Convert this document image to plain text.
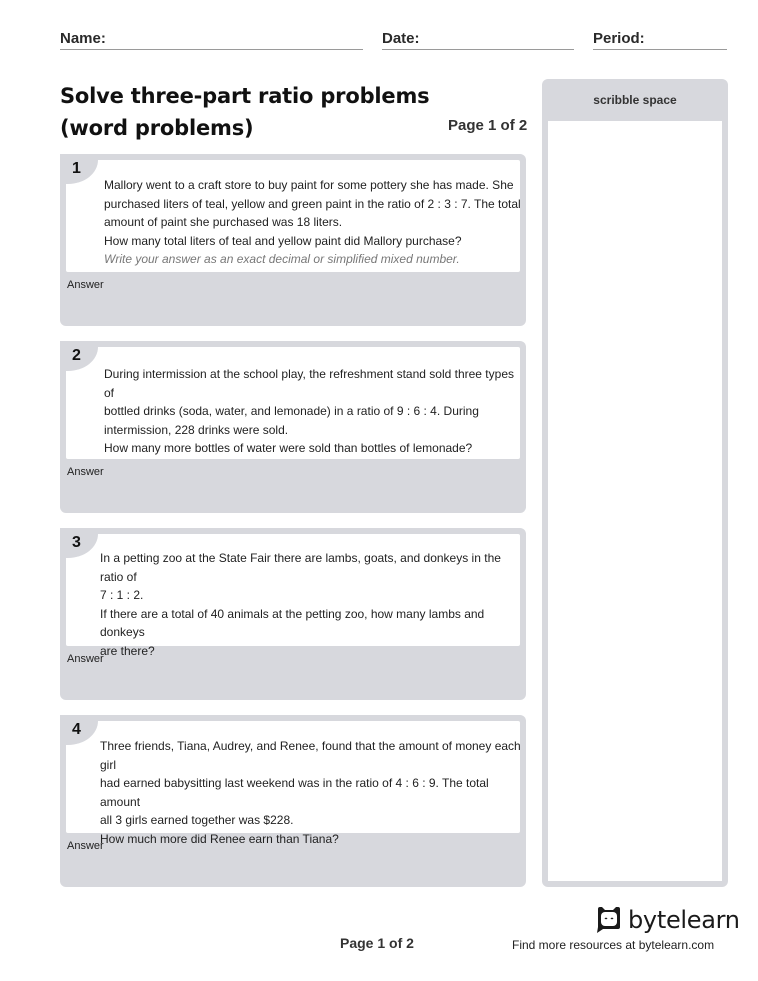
Name:	Date:	Period:
Solve three-part ratio problems
(word problems)	Page 1 of 2
1

Mallory went to a craft store to buy paint for some pottery she has made. She

purchased liters of teal, yellow and green paint in the ratio of 2 : 3 : 7. The total

amount of paint she purchased was 18 liters.

How many total liters of teal and yellow paint did Mallory purchase?

Write your answer as an exact decimal or simplified mixed number.

Answer
2

During intermission at the school play, the refreshment stand sold three types of

bottled drinks (soda, water, and lemonade) in a ratio of 9 : 6 : 4. During

intermission, 228 drinks were sold.

How many more bottles of water were sold than bottles of lemonade?

Answer
3

In a petting zoo at the State Fair there are lambs, goats, and donkeys in the ratio of

7 : 1 : 2.

If there are a total of 40 animals at the petting zoo, how many lambs and donkeys

are there?

Answer
4

Three friends, Tiana, Audrey, and Renee, found that the amount of money each girl

had earned babysitting last weekend was in the ratio of 4 : 6 : 9. The total amount

all 3 girls earned together was $228.

How much more did Renee earn than Tiana?

Answer
scribble space
Page 1 of 2
bytelearn
Find more resources at bytelearn.com
